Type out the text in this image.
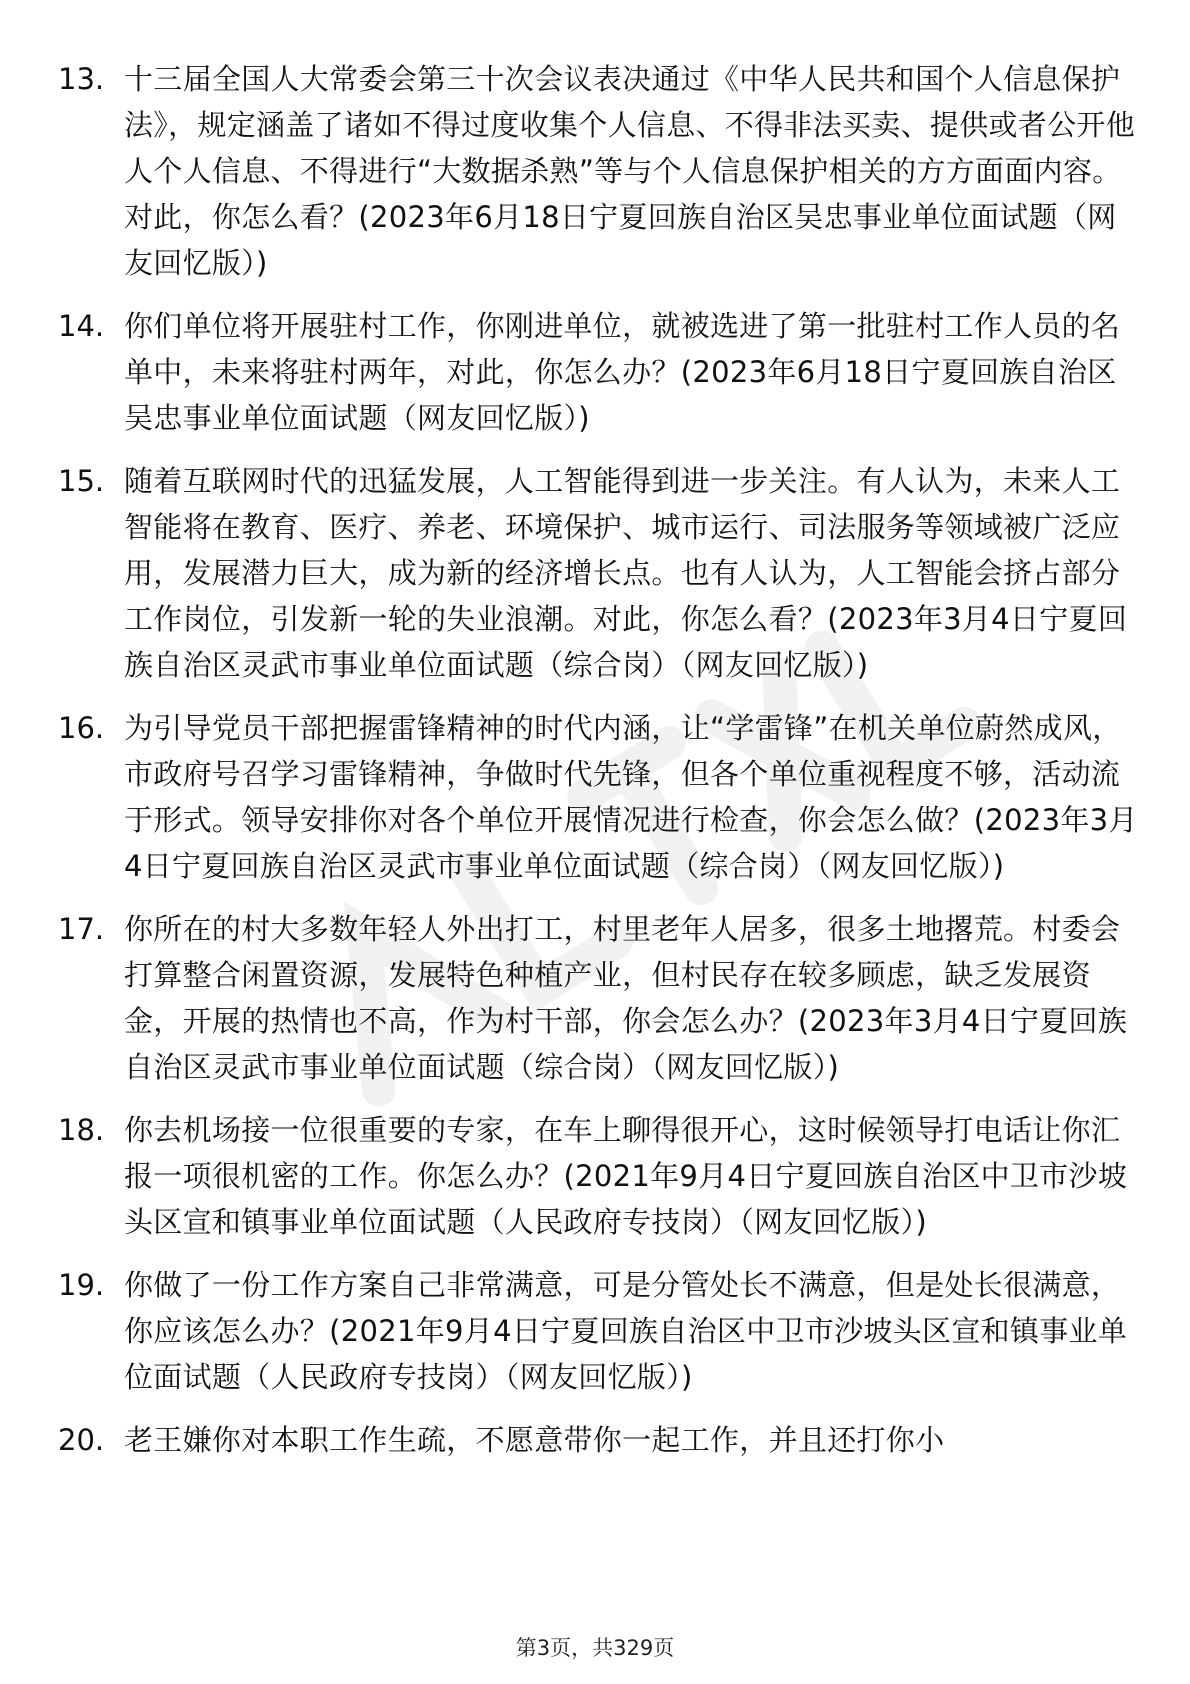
13. 十三届全国人大常委会第三十次会议表决通过《中华人民共和国个人信息保护法》，规定涵盖了诸如不得过度收集个人信息、不得非法买卖、提供或者公开他人个人信息、不得进行“大数据杀熟”等与个人信息保护相关的方方面面内容。对此，你怎么看？(2023年6月18日宁夏回族自治区吴忠事业单位面试题（网友回忆版）)
14. 你们单位将开展驻村工作，你刚进单位，就被选进了第一批驻村工作人员的名单中，未来将驻村两年，对此，你怎么办？(2023年6月18日宁夏回族自治区吴忠事业单位面试题（网友回忆版）)
15. 随着互联网时代的迅猛发展，人工智能得到进一步关注。有人认为，未来人工智能将在教育、医疗、养老、环境保护、城市运行、司法服务等领域被广泛应用，发展潜力巨大，成为新的经济增长点。也有人认为，人工智能会挤占部分工作岗位，引发新一轮的失业浪潮。对此，你怎么看？(2023年3月4日宁夏回族自治区灵武市事业单位面试题（综合岗）（网友回忆版）)
16. 为引导党员干部把握雷锋精神的时代内涵，让“学雷锋”在机关单位蔚然成风，市政府号召学习雷锋精神，争做时代先锋，但各个单位重视程度不够，活动流于形式。领导安排你对各个单位开展情况进行检查，你会怎么做？(2023年3月4日宁夏回族自治区灵武市事业单位面试题（综合岗）（网友回忆版）)
17. 你所在的村大多数年轻人外出打工，村里老年人居多，很多土地撂荒。村委会打算整合闲置资源，发展特色种植产业，但村民存在较多顾虑，缺乏发展资金，开展的热情也不高，作为村干部，你会怎么办？(2023年3月4日宁夏回族自治区灵武市事业单位面试题（综合岗）（网友回忆版）)
18. 你去机场接一位很重要的专家，在车上聊得很开心，这时候领导打电话让你汇报一项很机密的工作。你怎么办？(2021年9月4日宁夏回族自治区中卫市沙坡头区宣和镇事业单位面试题（人民政府专技岗）（网友回忆版）)
19. 你做了一份工作方案自己非常满意，可是分管处长不满意，但是处长很满意，你应该怎么办？(2021年9月4日宁夏回族自治区中卫市沙坡头区宣和镇事业单位面试题（人民政府专技岗）（网友回忆版）)
20. 老王嫌你对本职工作生疏，不愿意带你一起工作，并且还打你小
第3页，共329页
